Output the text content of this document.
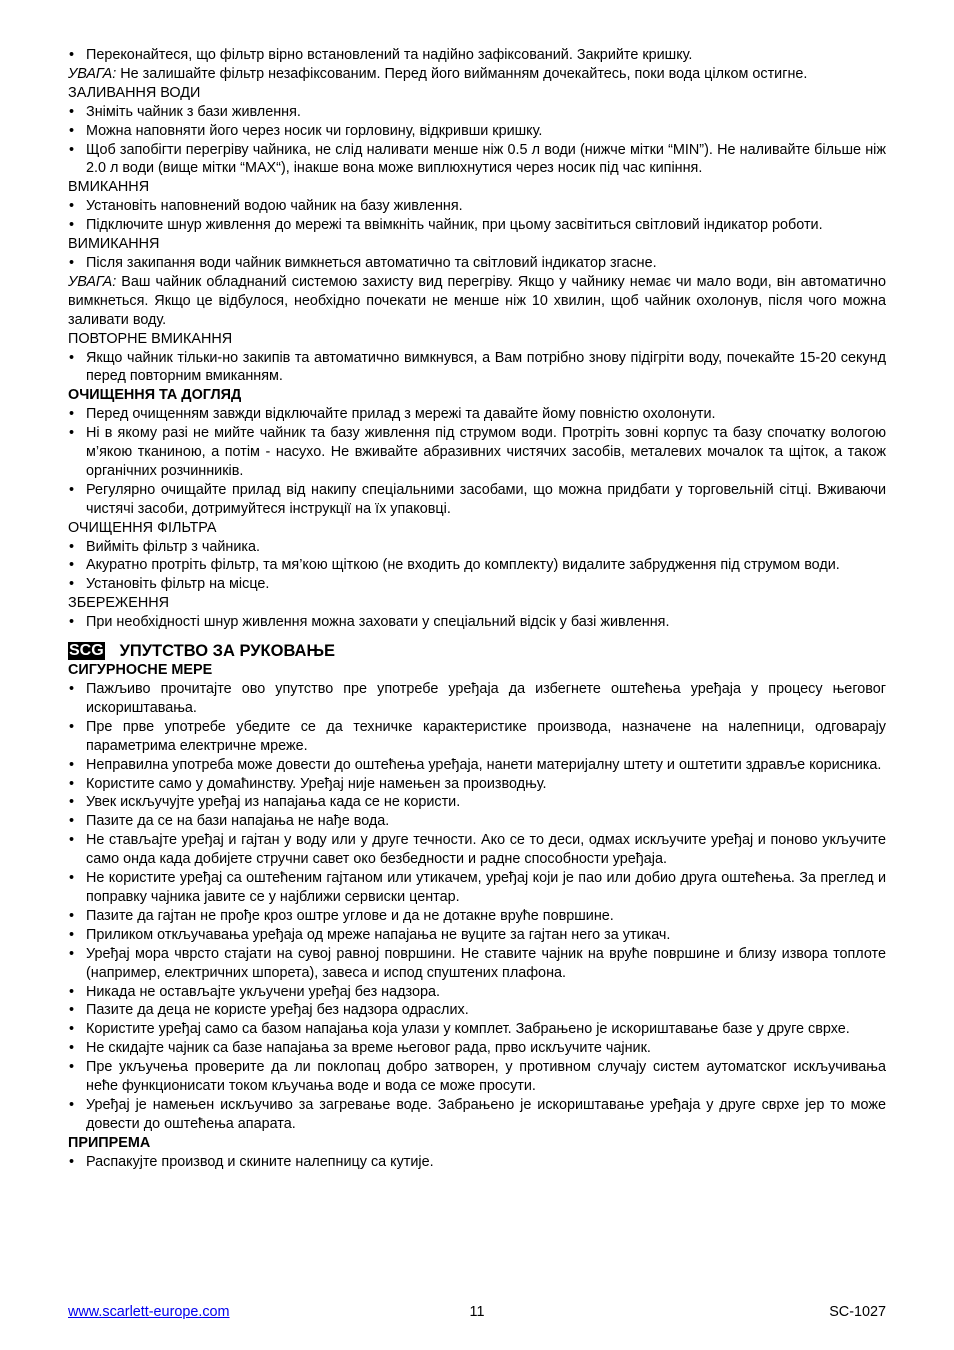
• Переконайтеся, що фільтр вірно встановлений та надійно зафіксований. Закрийте кришку.

УВАГА: Не залишайте фільтр незафіксованим. Перед його вийманням дочекайтесь, поки вода цілком остигне.

ЗАЛИВАННЯ ВОДИ

• Зніміть чайник з бази живлення.
• Можна наповняти його через носик чи горловину, відкривши кришку.
• Щоб запобігти перегріву чайника, не слід наливати менше ніж 0.5 л води (нижче мітки “MIN”). Не наливайте більше ніж 2.0 л води (вище мітки “MAX“), інакше вона може виплюхнутися через носик під час кипіння.

ВМИКАННЯ

• Установіть наповнений водою чайник на базу живлення.
• Підключите шнур живлення до мережі та ввімкніть чайник, при цьому засвітиться світловий індикатор роботи.

ВИМИКАННЯ

• Після закипання води чайник вимкнеться автоматично та світловий індикатор згасне.

УВАГА: Ваш чайник обладнаний системою захисту вид перегріву. Якщо у чайнику немає чи мало води, він автоматично вимкнеться. Якщо це відбулося, необхідно почекати не менше ніж 10 хвилин, щоб чайник охолонув, після чого можна заливати воду.

ПОВТОРНЕ ВМИКАННЯ

• Якщо чайник тільки-но закипів та автоматично вимкнувся, а Вам потрібно знову підігріти воду, почекайте 15-20 секунд перед повторним вмиканням.

ОЧИЩЕННЯ ТА ДОГЛЯД

• Перед очищенням завжди відключайте прилад з мережі та давайте йому повністю охолонути.
• Ні в якому разі не мийте чайник та базу живлення під струмом води. Протріть зовні корпус та базу спочатку вологою м’якою тканиною, а потім - насухо. Не вживайте абразивних чистячих засобів, металевих мочалок та щіток, а також органічних розчинників.
• Регулярно очищайте прилад від накипу спеціальними засобами, що можна придбати у торговельній сітці. Вживаючи чистячі засоби, дотримуйтеся інструкції на їх упаковці.

ОЧИЩЕННЯ ФІЛЬТРА

• Вийміть фільтр з чайника.
• Акуратно протріть фільтр, та мя’кою щіткою (не входить до комплекту) видалите забрудження під струмом води.
• Установіть фільтр на місце.

ЗБЕРЕЖЕННЯ

• При необхідності шнур живлення можна заховати у спеціальний відсік у базі живлення.
SCG УПУТСТВО ЗА РУКОВАЊЕ

СИГУРНОСНЕ МЕРЕ

• Пажљиво прочитајте ово упутство пре употребе уређаја да избегнете оштећења уређаја у процесу његовог искориштавања.
• Пре прве употребе убедите се да техничке карактеристике производа, назначене на налепници, одговарају параметрима електричне мреже.
• Неправилна употреба може довести до оштећења уређаја, нанети материјалну штету и оштетити здравље корисника.
• Користите само у домаћинству. Уређај није намењен за производњу.
• Увек искључујте уређај из напајања када се не користи.
• Пазите да се на бази напајања не нађе вода.
• Не стављајте уређај и гајтан у воду или у друге течности. Ако се то деси, одмах искључите уређај и поново укључите само онда када добијете стручни савет око безбедности и радне способности уређаја.
• Не користите уређај са оштећеним гајтаном или утикачем, уређај који је пао или добио друга оштећења. За преглед и поправку чајника јавите се у најближи сервиски центар.
• Пазите да гајтан не прође кроз оштре углове и да не дотакне вруће површине.
• Приликом откључавања уређаја од мреже напајања не вуците за гајтан него за утикач.
• Уређај мора чврсто стајати на сувој равној површини. Не ставите чајник на вруће површине и близу извора топлоте (например, електричних шпорета), завеса и испод спуштених плафона.
• Никада не остављајте укључени уређај без надзора.
• Пазите да деца не користе уређај без надзора одраслих.
• Користите уређај само са базом напајања која улази у комплет. Забрањено је искориштавање базе у друге сврхе.
• Не скидајте чајник са базе напајања за време његовог рада, прво искључите чајник.
• Пре укључења проверите да ли поклопац добро затворен, у противном случају систем аутоматског искључивања неће функционисати током кључања воде и вода се може просути.
• Уређај је намењен искључиво за загревање воде. Забрањено је искориштавање уређаја у друге сврхе јер то може довести до оштећења апарата.

ПРИПРЕМА

• Распакујте производ и скините налепницу са кутије.
www.scarlett-europe.com	11	SC-1027
